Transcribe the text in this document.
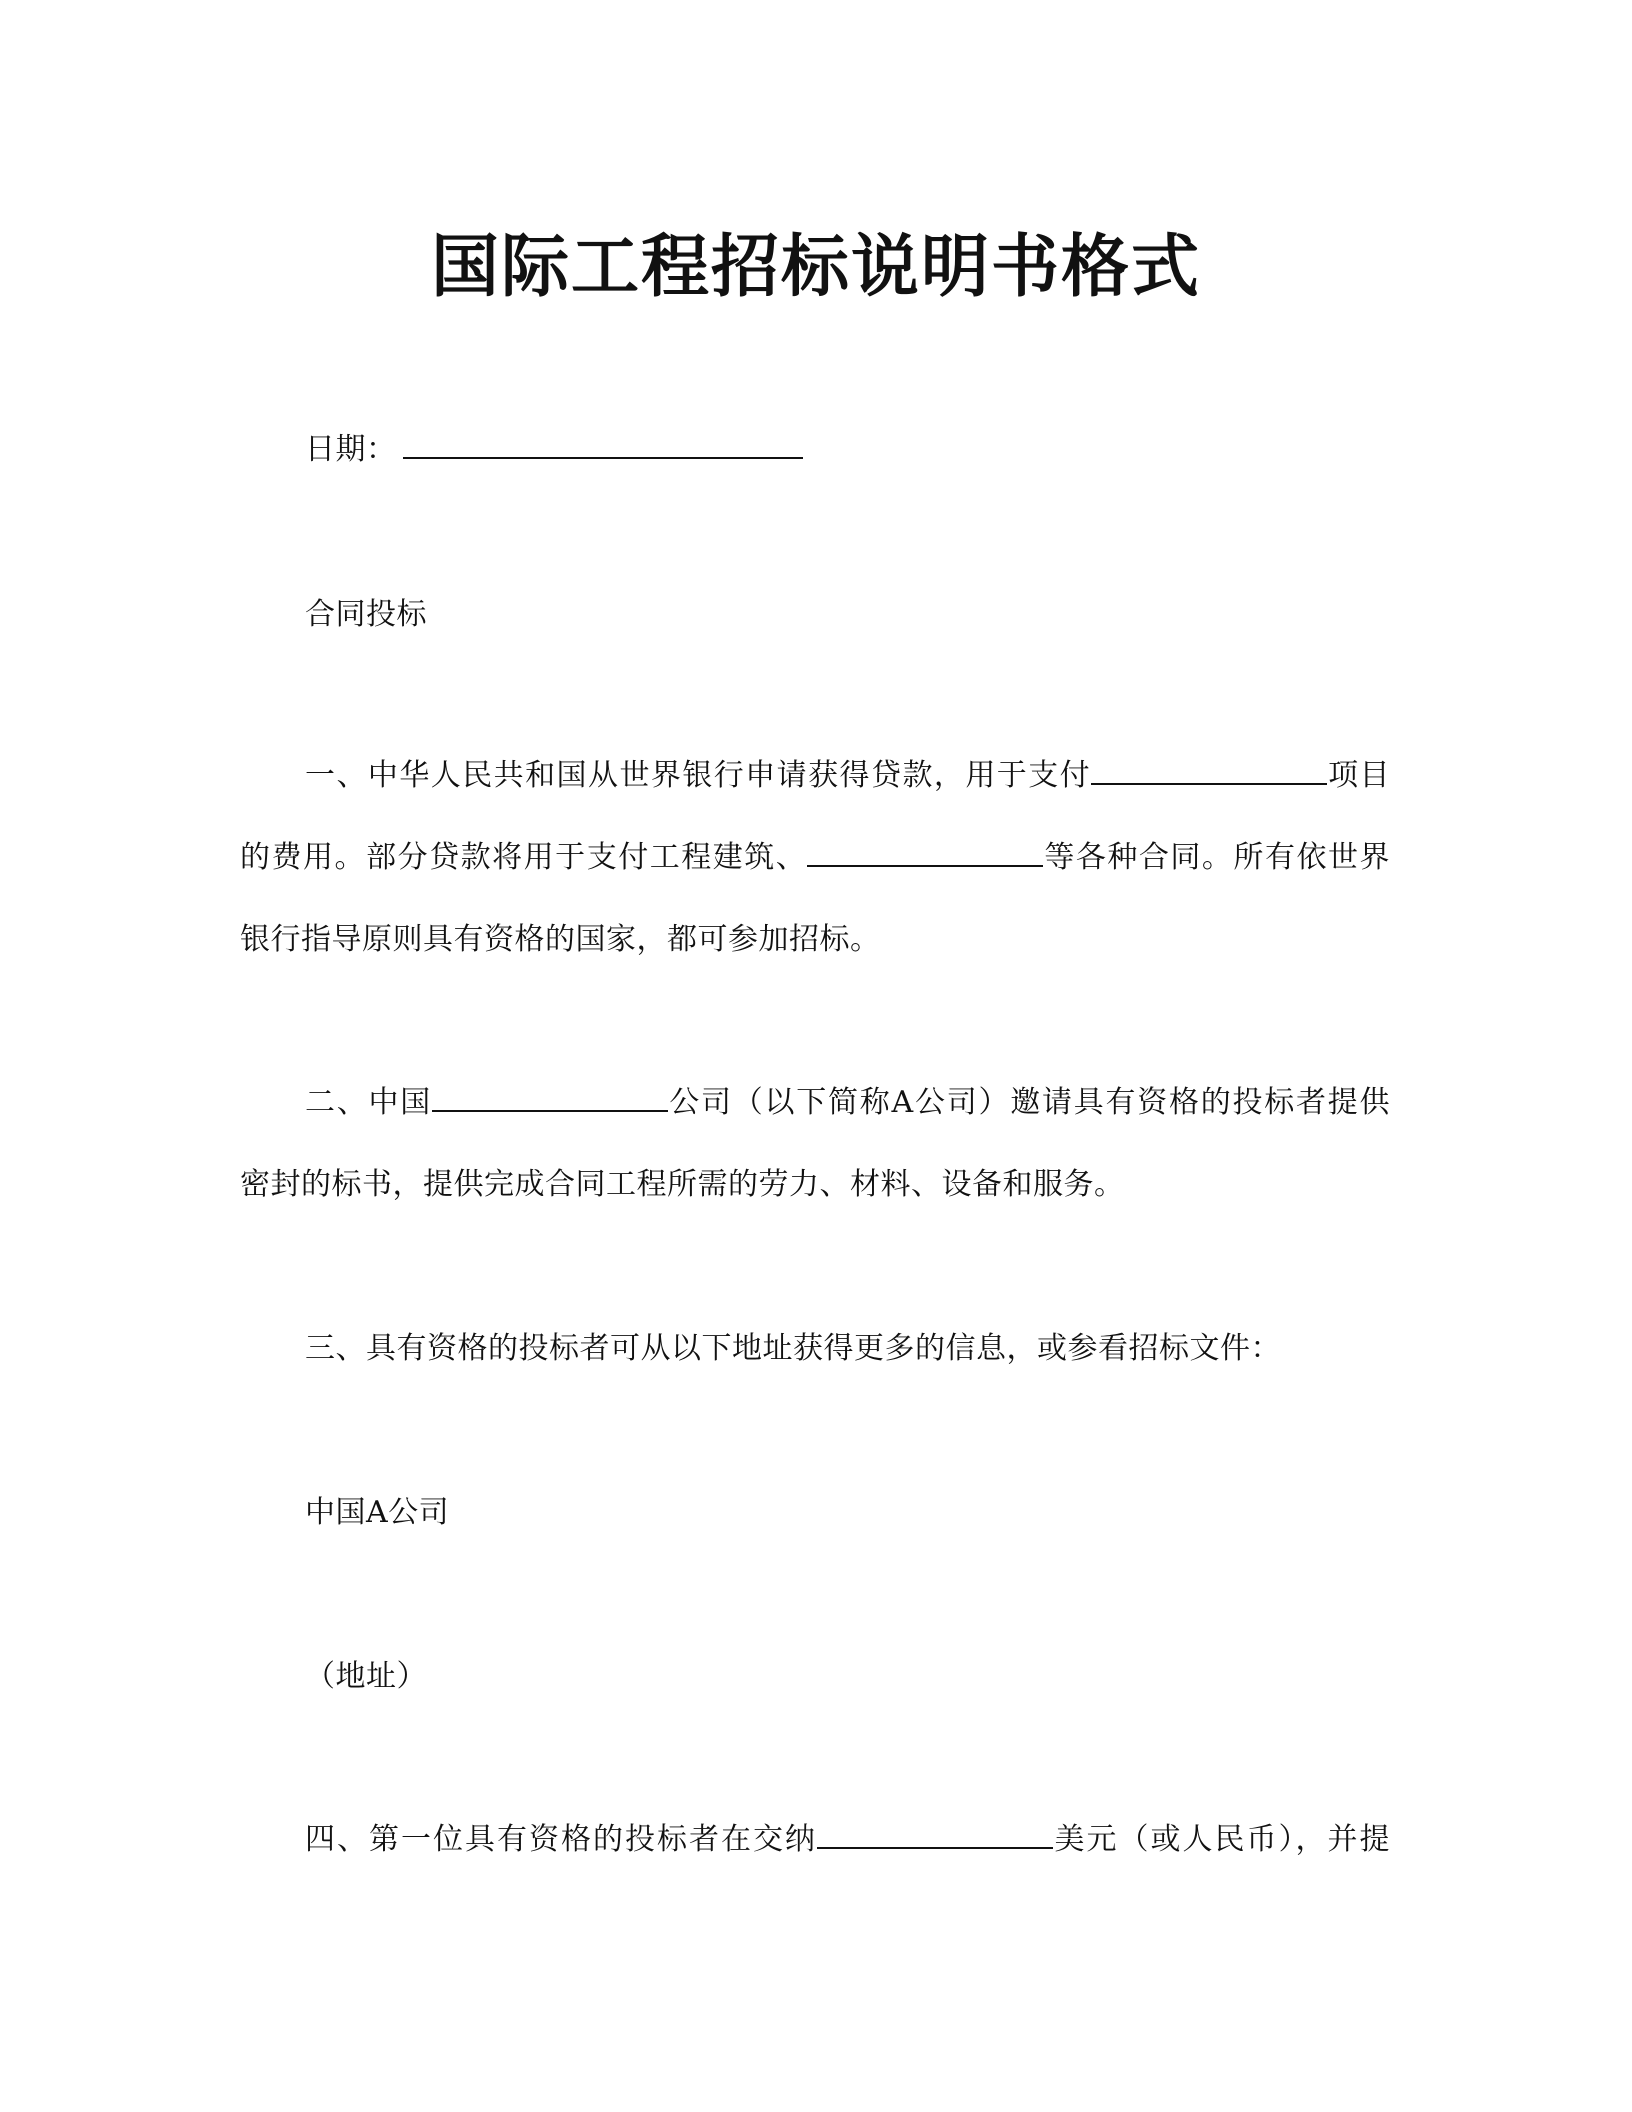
国际工程招标说明书格式
日期：
合同投标
一、中华人民共和国从世界银行申请获得贷款，用于支付	项目
的费用。部分贷款将用于支付工程建筑、	等各种合同。所有依世界
银行指导原则具有资格的国家，都可参加招标。
二、中国	公司（以下简称A公司）邀请具有资格的投标者提供
密封的标书，提供完成合同工程所需的劳力、材料、设备和服务。
三、具有资格的投标者可从以下地址获得更多的信息，或参看招标文件：
中国A公司
（地址）
四、第一位具有资格的投标者在交纳	美元（或人民币），并提
